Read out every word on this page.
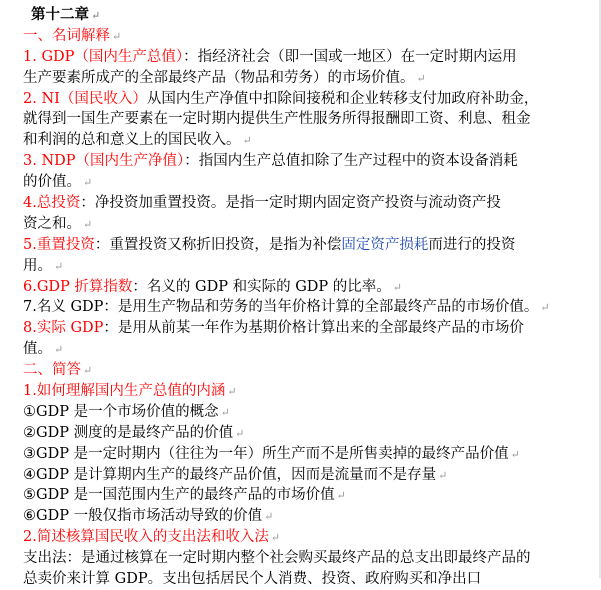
第十二章 ↵
一、名词解释 ↵
1. GDP（国内生产总值）：指经济社会（即一国或一地区）在一定时期内运用
生产要素所成产的全部最终产品（物品和劳务）的市场价值。 ↵
2. NI（国民收入）从国内生产净值中扣除间接税和企业转移支付加政府补助金，
就得到一国生产要素在一定时期内提供生产性服务所得报酬即工资、利息、租金
和利润的总和意义上的国民收入。 ↵
3. NDP（国内生产净值）：指国内生产总值扣除了生产过程中的资本设备消耗
的价值。 ↵
4.总投资：净投资加重置投资。是指一定时期内固定资产投资与流动资产投
资之和。 ↵
5.重置投资：重置投资又称折旧投资，是指为补偿固定资产损耗而进行的投资
用。 ↵
6.GDP 折算指数：名义的 GDP 和实际的 GDP 的比率。 ↵
7.名义 GDP：是用生产物品和劳务的当年价格计算的全部最终产品的市场价值。 ↵
8.实际 GDP：是用从前某一年作为基期价格计算出来的全部最终产品的市场价
值。 ↵
二、简答 ↵
1.如何理解国内生产总值的内涵 ↵
①GDP 是一个市场价值的概念 ↵
②GDP 测度的是最终产品的价值 ↵
③GDP 是一定时期内（往往为一年）所生产而不是所售卖掉的最终产品价值 ↵
④GDP 是计算期内生产的最终产品价值，因而是流量而不是存量 ↵
⑤GDP 是一国范围内生产的最终产品的市场价值 ↵
⑥GDP 一般仅指市场活动导致的价值 ↵
2.简述核算国民收入的支出法和收入法 ↵
支出法：是通过核算在一定时期内整个社会购买最终产品的总支出即最终产品的
总卖价来计算 GDP。支出包括居民个人消费、投资、政府购买和净出口
